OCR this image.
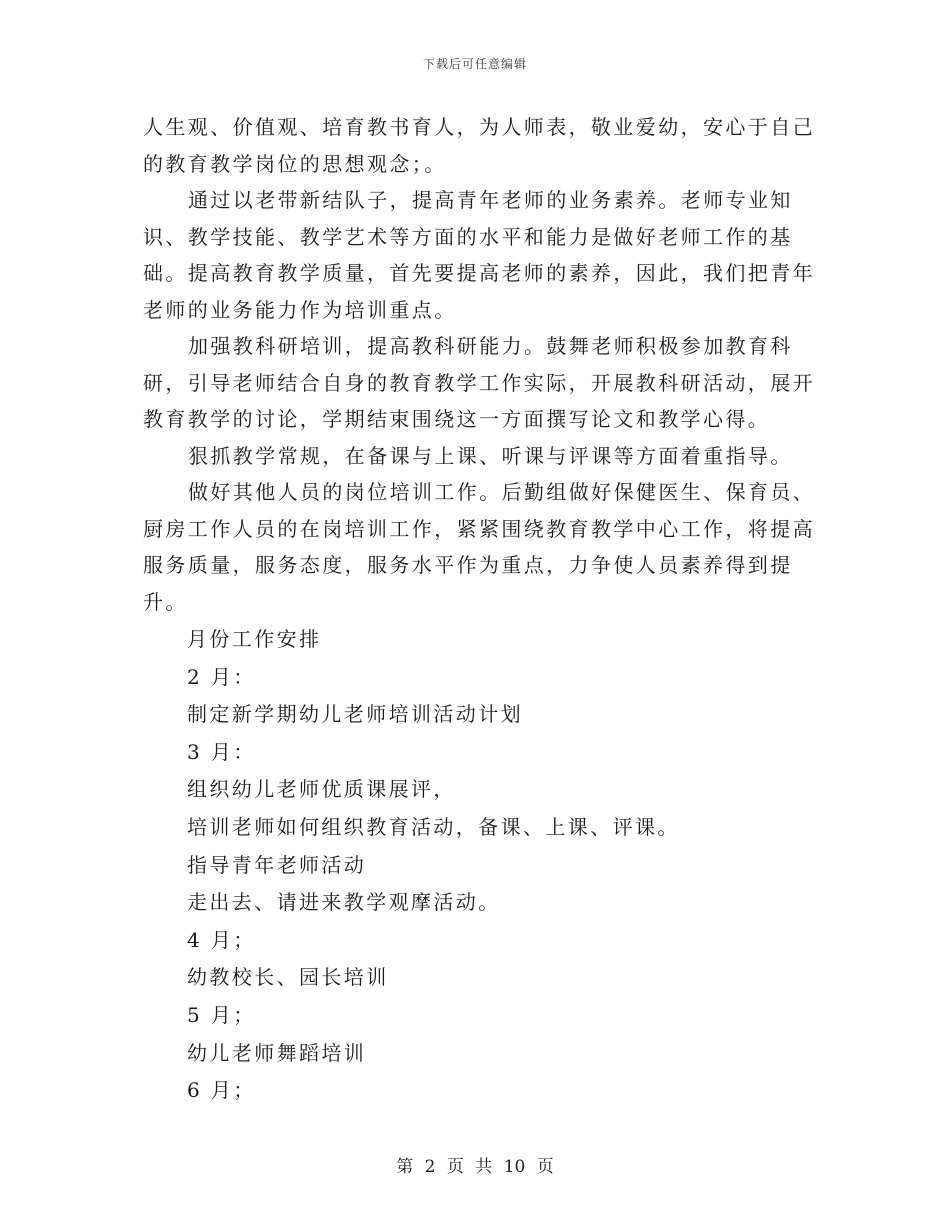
下载后可任意编辑

人生观、价值观、培育教书育人，为人师表，敬业爱幼，安心于自己的教育教学岗位的思想观念；。

通过以老带新结队子，提高青年老师的业务素养。老师专业知识、教学技能、教学艺术等方面的水平和能力是做好老师工作的基础。提高教育教学质量，首先要提高老师的素养，因此，我们把青年老师的业务能力作为培训重点。

加强教科研培训，提高教科研能力。鼓舞老师积极参加教育科研，引导老师结合自身的教育教学工作实际，开展教科研活动，展开教育教学的讨论，学期结束围绕这一方面撰写论文和教学心得。

狠抓教学常规，在备课与上课、听课与评课等方面着重指导。

做好其他人员的岗位培训工作。后勤组做好保健医生、保育员、厨房工作人员的在岗培训工作，紧紧围绕教育教学中心工作，将提高服务质量，服务态度，服务水平作为重点，力争使人员素养得到提升。

月份工作安排
2 月：
制定新学期幼儿老师培训活动计划
3 月：
组织幼儿老师优质课展评，
培训老师如何组织教育活动，备课、上课、评课。
指导青年老师活动
走出去、请进来教学观摩活动。
4 月；
幼教校长、园长培训
5 月；
幼儿老师舞蹈培训
6 月；
第 2 页 共 10 页
